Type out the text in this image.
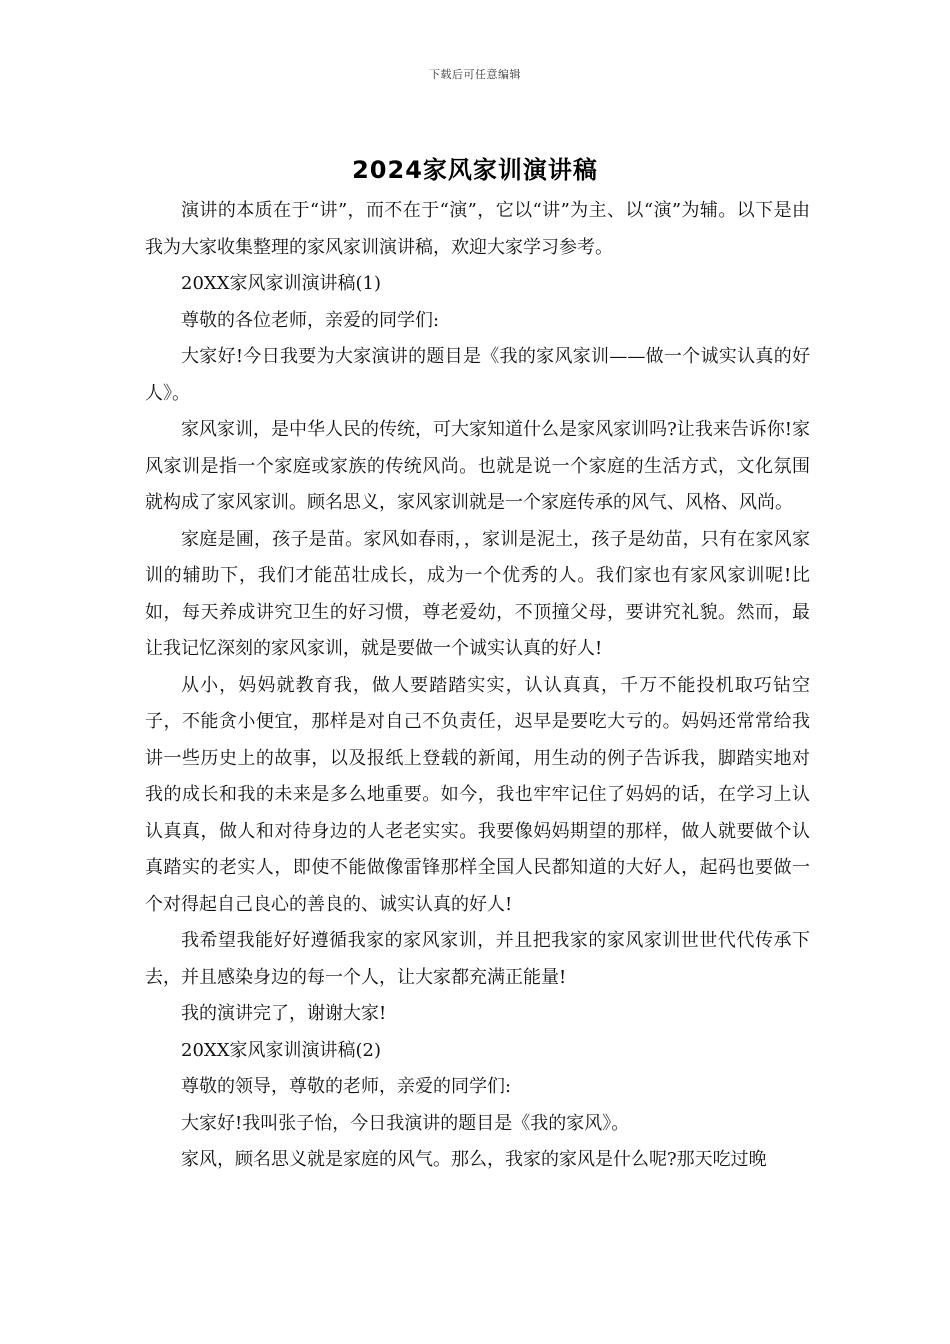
下载后可任意编辑
2024家风家训演讲稿

演讲的本质在于“讲”，而不在于“演”，它以“讲”为主、以“演”为辅。以下是由我为大家收集整理的家风家训演讲稿，欢迎大家学习参考。

20XX家风家训演讲稿(1)

尊敬的各位老师，亲爱的同学们:

大家好!今日我要为大家演讲的题目是《我的家风家训——做一个诚实认真的好人》。

家风家训，是中华人民的传统，可大家知道什么是家风家训吗?让我来告诉你!家风家训是指一个家庭或家族的传统风尚。也就是说一个家庭的生活方式，文化氛围就构成了家风家训。顾名思义，家风家训就是一个家庭传承的风气、风格、风尚。

家庭是圃，孩子是苗。家风如春雨，，家训是泥土，孩子是幼苗，只有在家风家训的辅助下，我们才能茁壮成长，成为一个优秀的人。我们家也有家风家训呢!比如，每天养成讲究卫生的好习惯，尊老爱幼，不顶撞父母，要讲究礼貌。然而，最让我记忆深刻的家风家训，就是要做一个诚实认真的好人!

从小，妈妈就教育我，做人要踏踏实实，认认真真，千万不能投机取巧钻空子，不能贪小便宜，那样是对自己不负责任，迟早是要吃大亏的。妈妈还常常给我讲一些历史上的故事，以及报纸上登载的新闻，用生动的例子告诉我，脚踏实地对我的成长和我的未来是多么地重要。如今，我也牢牢记住了妈妈的话，在学习上认认真真，做人和对待身边的人老老实实。我要像妈妈期望的那样，做人就要做个认真踏实的老实人，即使不能做像雷锋那样全国人民都知道的大好人，起码也要做一个对得起自己良心的善良的、诚实认真的好人!

我希望我能好好遵循我家的家风家训，并且把我家的家风家训世世代代传承下去，并且感染身边的每一个人，让大家都充满正能量!

我的演讲完了，谢谢大家!

20XX家风家训演讲稿(2)

尊敬的领导，尊敬的老师，亲爱的同学们:

大家好!我叫张子怡，今日我演讲的题目是《我的家风》。

家风，顾名思义就是家庭的风气。那么，我家的家风是什么呢?那天吃过晚
